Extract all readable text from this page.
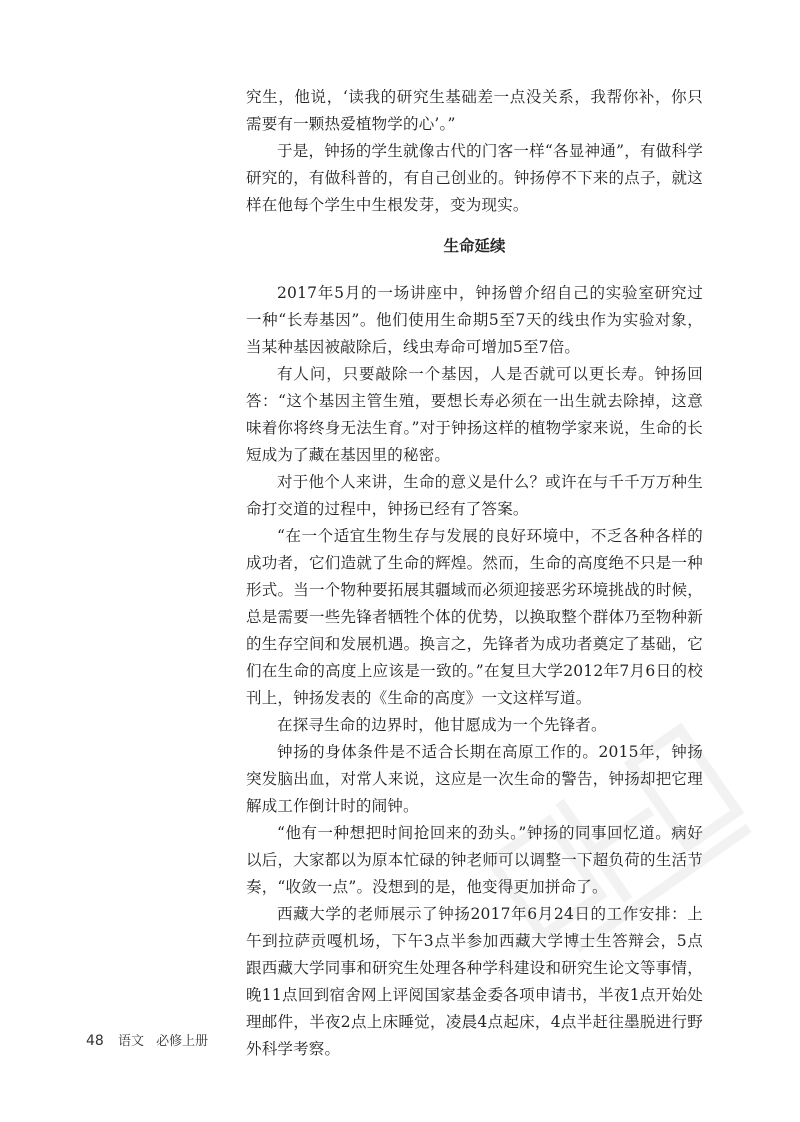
究生，他说，‘读我的研究生基础差一点没关系，我帮你补，你只需要有一颗热爱植物学的心’。”

于是，钟扬的学生就像古代的门客一样“各显神通”，有做科学研究的，有做科普的，有自己创业的。钟扬停不下来的点子，就这样在他每个学生中生根发芽，变为现实。

生命延续

2017年5月的一场讲座中，钟扬曾介绍自己的实验室研究过一种“长寿基因”。他们使用生命期5至7天的线虫作为实验对象，当某种基因被敲除后，线虫寿命可增加5至7倍。

有人问，只要敲除一个基因，人是否就可以更长寿。钟扬回答：“这个基因主管生殖，要想长寿必须在一出生就去除掉，这意味着你将终身无法生育。”对于钟扬这样的植物学家来说，生命的长短成为了藏在基因里的秘密。

对于他个人来讲，生命的意义是什么？或许在与千千万万种生命打交道的过程中，钟扬已经有了答案。

“在一个适宜生物生存与发展的良好环境中，不乏各种各样的成功者，它们造就了生命的辉煌。然而，生命的高度绝不只是一种形式。当一个物种要拓展其疆域而必须迎接恶劣环境挑战的时候，总是需要一些先锋者牺牲个体的优势，以换取整个群体乃至物种新的生存空间和发展机遇。换言之，先锋者为成功者奠定了基础，它们在生命的高度上应该是一致的。”在复旦大学2012年7月6日的校刊上，钟扬发表的《生命的高度》一文这样写道。

在探寻生命的边界时，他甘愿成为一个先锋者。

钟扬的身体条件是不适合长期在高原工作的。2015年，钟扬突发脑出血，对常人来说，这应是一次生命的警告，钟扬却把它理解成工作倒计时的闹钟。

“他有一种想把时间抢回来的劲头。”钟扬的同事回忆道。病好以后，大家都以为原本忙碌的钟老师可以调整一下超负荷的生活节奏，“收敛一点”。没想到的是，他变得更加拼命了。

西藏大学的老师展示了钟扬2017年6月24日的工作安排：上午到拉萨贡嘎机场，下午3点半参加西藏大学博士生答辩会，5点跟西藏大学同事和研究生处理各种学科建设和研究生论文等事情，晚11点回到宿舍网上评阅国家基金委各项申请书，半夜1点开始处理邮件，半夜2点上床睡觉，凌晨4点起床，4点半赶往墨脱进行野外科学考察。

48 语文 必修上册
